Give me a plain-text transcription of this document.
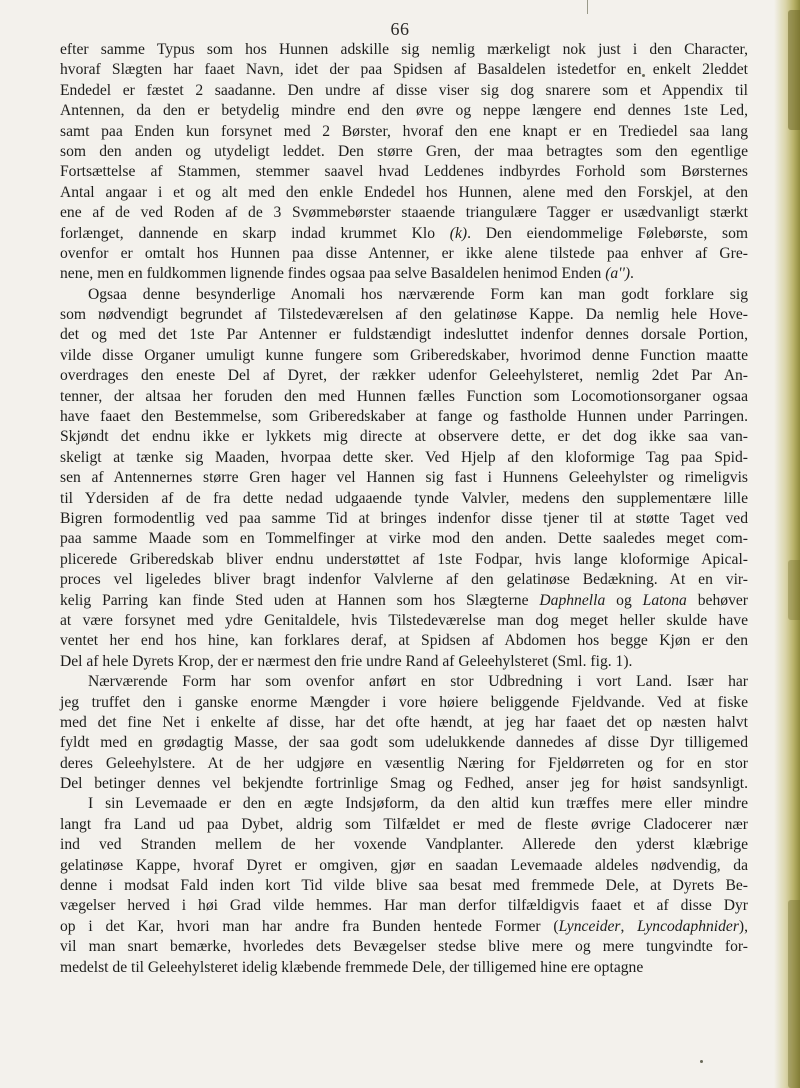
66
efter samme Typus som hos Hunnen adskille sig nemlig mærkeligt nok just i den Character,
hvoraf Slægten har faaet Navn, idet der paa Spidsen af Basaldelen istedetfor en enkelt 2leddet
Endedel er fæstet 2 saadanne. Den undre af disse viser sig dog snarere som et Appendix til
Antennen, da den er betydelig mindre end den øvre og neppe længere end dennes 1ste Led,
samt paa Enden kun forsynet med 2 Børster, hvoraf den ene knapt er en Trediedel saa lang
som den anden og utydeligt leddet. Den større Gren, der maa betragtes som den egentlige
Fortsættelse af Stammen, stemmer saavel hvad Leddenes indbyrdes Forhold som Børsternes
Antal angaar i et og alt med den enkle Endedel hos Hunnen, alene med den Forskjel, at den
ene af de ved Roden af de 3 Svømmebørster staaende triangulære Tagger er usædvanligt stærkt
forlænget, dannende en skarp indad krummet Klo (k). Den eiendommelige Følebørste, som
ovenfor er omtalt hos Hunnen paa disse Antenner, er ikke alene tilstede paa enhver af Gre-
nene, men en fuldkommen lignende findes ogsaa paa selve Basaldelen henimod Enden (a'').
Ogsaa denne besynderlige Anomali hos nærværende Form kan man godt forklare sig
som nødvendigt begrundet af Tilstedeværelsen af den gelatinøse Kappe. Da nemlig hele Hove-
det og med det 1ste Par Antenner er fuldstændigt indesluttet indenfor dennes dorsale Portion,
vilde disse Organer umuligt kunne fungere som Griberedskaber, hvorimod denne Function maatte
overdrages den eneste Del af Dyret, der rækker udenfor Geleehylsteret, nemlig 2det Par An-
tenner, der altsaa her foruden den med Hunnen fælles Function som Locomotionsorganer ogsaa
have faaet den Bestemmelse, som Griberedskaber at fange og fastholde Hunnen under Parringen.
Skjøndt det endnu ikke er lykkets mig directe at observere dette, er det dog ikke saa van-
skeligt at tænke sig Maaden, hvorpaa dette sker. Ved Hjelp af den kloformige Tag paa Spid-
sen af Antennernes større Gren hager vel Hannen sig fast i Hunnens Geleehylster og rimeligvis
til Ydersiden af de fra dette nedad udgaaende tynde Valvler, medens den supplementære lille
Bigren formodentlig ved paa samme Tid at bringes indenfor disse tjener til at støtte Taget ved
paa samme Maade som en Tommelfinger at virke mod den anden. Dette saaledes meget com-
plicerede Griberedskab bliver endnu understøttet af 1ste Fodpar, hvis lange kloformige Apical-
proces vel ligeledes bliver bragt indenfor Valvlerne af den gelatinøse Bedækning. At en vir-
kelig Parring kan finde Sted uden at Hannen som hos Slægterne Daphnella og Latona behøver
at være forsynet med ydre Genitaldele, hvis Tilstedeværelse man dog meget heller skulde have
ventet her end hos hine, kan forklares deraf, at Spidsen af Abdomen hos begge Kjøn er den
Del af hele Dyrets Krop, der er nærmest den frie undre Rand af Geleehylsteret (Sml. fig. 1).
Nærværende Form har som ovenfor anført en stor Udbredning i vort Land. Især har
jeg truffet den i ganske enorme Mængder i vore høiere beliggende Fjeldvande. Ved at fiske
med det fine Net i enkelte af disse, har det ofte hændt, at jeg har faaet det op næsten halvt
fyldt med en grødagtig Masse, der saa godt som udelukkende dannedes af disse Dyr tilligemed
deres Geleehylstere. At de her udgjøre en væsentlig Næring for Fjeldørreten og for en stor
Del betinger dennes vel bekjendte fortrinlige Smag og Fedhed, anser jeg for høist sandsynligt.
I sin Levemaade er den en ægte Indsjøform, da den altid kun træffes mere eller mindre
langt fra Land ud paa Dybet, aldrig som Tilfældet er med de fleste øvrige Cladocerer nær
ind ved Stranden mellem de her voxende Vandplanter. Allerede den yderst klæbrige
gelatinøse Kappe, hvoraf Dyret er omgiven, gjør en saadan Levemaade aldeles nødvendig, da
denne i modsat Fald inden kort Tid vilde blive saa besat med fremmede Dele, at Dyrets Be-
vægelser herved i høi Grad vilde hemmes. Har man derfor tilfældigvis faaet et af disse Dyr
op i det Kar, hvori man har andre fra Bunden hentede Former (Lynceider, Lyncodaphnider),
vil man snart bemærke, hvorledes dets Bevægelser stedse blive mere og mere tungvindte for-
medelst de til Geleehylsteret idelig klæbende fremmede Dele, der tilligemed hine ere optagne
